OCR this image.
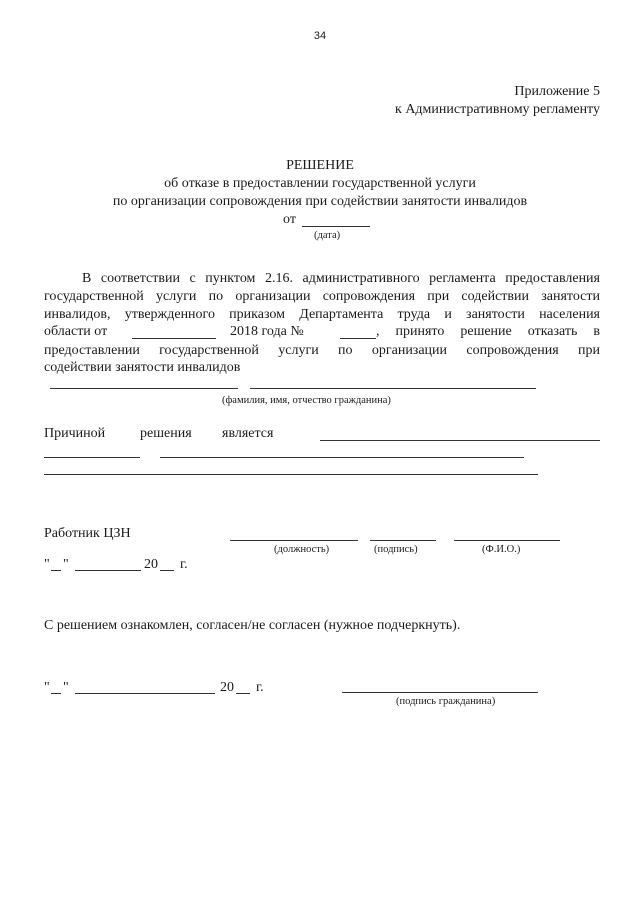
34
Приложение 5
к Административному регламенту
РЕШЕНИЕ
об отказе в предоставлении государственной услуги
по организации сопровождения при содействии занятости инвалидов
от
(дата)
В соответствии с пунктом 2.16. административного регламента предоставления
государственной услуги по организации сопровождения при содействии занятости
инвалидов, утвержденного приказом Департамента труда и занятости населения
области от	2018 года №	, принято решение отказать в
предоставлении государственной услуги по организации сопровождения при
содействии занятости инвалидов
(фамилия, имя, отчество гражданина)
Причиной решения является
Работник ЦЗН
(должность)	(подпись)	(Ф.И.О.)
" "	20 г.
С решением ознакомлен, согласен/не согласен (нужное подчеркнуть).
" "	20 г.
(подпись гражданина)
